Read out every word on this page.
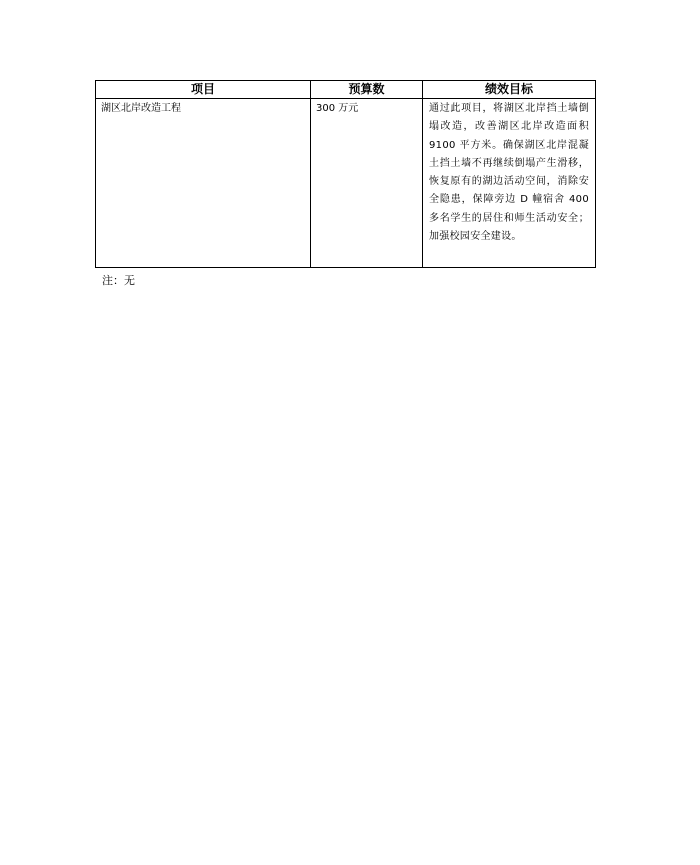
项目	预算数	绩效目标

湖区北岸改造工程	300 万元	通过此项目，将湖区北岸挡土墙倒塌改造，改善湖区北岸改造面积 9100 平方米。确保湖区北岸混凝土挡土墙不再继续倒塌产生滑移，恢复原有的湖边活动空间，消除安全隐患，保障旁边 D 幢宿舍 400 多名学生的居住和师生活动安全；加强校园安全建设。
注：无
